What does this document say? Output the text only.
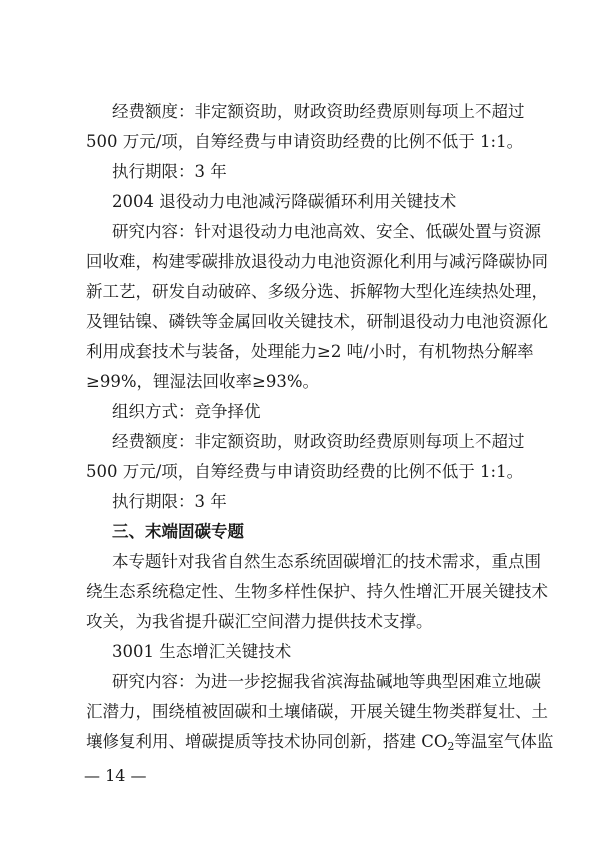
— 14 —
经费额度：非定额资助，财政资助经费原则每项上不超过
500 万元/项，自筹经费与申请资助经费的比例不低于 1:1。
执行期限：3 年
2004 退役动力电池减污降碳循环利用关键技术
研究内容：针对退役动力电池高效、安全、低碳处置与资源
回收难，构建零碳排放退役动力电池资源化利用与减污降碳协同
新工艺，研发自动破碎、多级分选、拆解物大型化连续热处理，
及锂钴镍、磷铁等金属回收关键技术，研制退役动力电池资源化
利用成套技术与装备，处理能力≥2 吨/小时，有机物热分解率
≥99%，锂湿法回收率≥93%。
组织方式：竞争择优
经费额度：非定额资助，财政资助经费原则每项上不超过
500 万元/项，自筹经费与申请资助经费的比例不低于 1:1。
执行期限：3 年
三、末端固碳专题
本专题针对我省自然生态系统固碳增汇的技术需求，重点围
绕生态系统稳定性、生物多样性保护、持久性增汇开展关键技术
攻关，为我省提升碳汇空间潜力提供技术支撑。
3001 生态增汇关键技术
研究内容：为进一步挖掘我省滨海盐碱地等典型困难立地碳
汇潜力，围绕植被固碳和土壤储碳，开展关键生物类群复壮、土
壤修复利用、增碳提质等技术协同创新，搭建 $CO_2$等温室气体监
